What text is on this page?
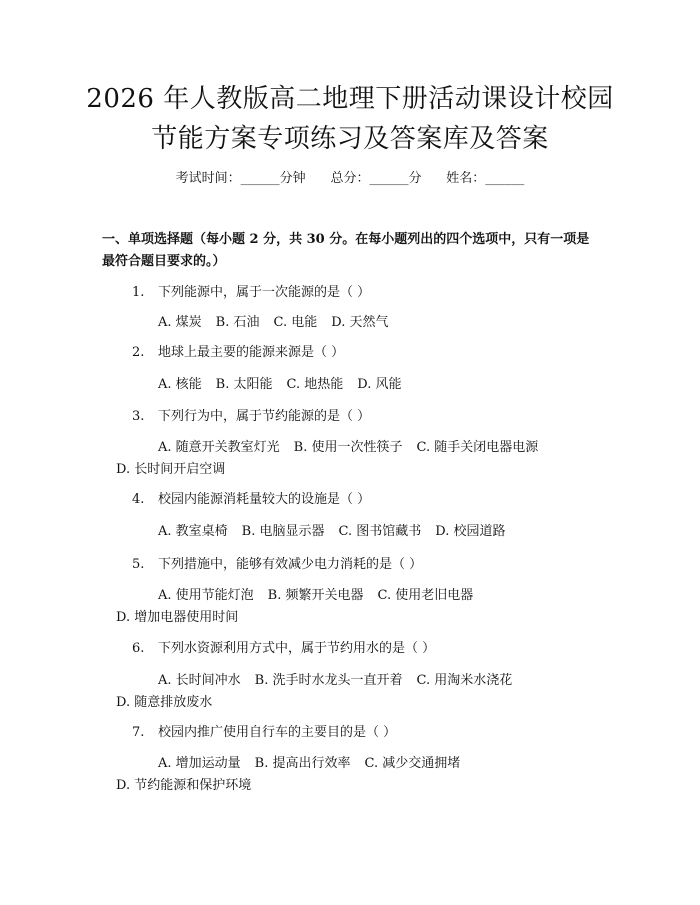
2026 年人教版高二地理下册活动课设计校园
节能方案专项练习及答案库及答案
考试时间：______分钟 总分：______分 姓名：______
一、单项选择题（每小题 2 分，共 30 分。在每小题列出的四个选项中，只有一项是最符合题目要求的。）
1. 下列能源中，属于一次能源的是（ ）
A. 煤炭 B. 石油 C. 电能 D. 天然气
2. 地球上最主要的能源来源是（ ）
A. 核能 B. 太阳能 C. 地热能 D. 风能
3. 下列行为中，属于节约能源的是（ ）
A. 随意开关教室灯光 B. 使用一次性筷子 C. 随手关闭电器电源D. 长时间开启空调
4. 校园内能源消耗量较大的设施是（ ）
A. 教室桌椅 B. 电脑显示器 C. 图书馆藏书 D. 校园道路
5. 下列措施中，能够有效减少电力消耗的是（ ）
A. 使用节能灯泡 B. 频繁开关电器 C. 使用老旧电器D. 增加电器使用时间
6. 下列水资源利用方式中，属于节约用水的是（ ）
A. 长时间冲水 B. 洗手时水龙头一直开着 C. 用淘米水浇花D. 随意排放废水
7. 校园内推广使用自行车的主要目的是（ ）
A. 增加运动量 B. 提高出行效率 C. 减少交通拥堵D. 节约能源和保护环境
